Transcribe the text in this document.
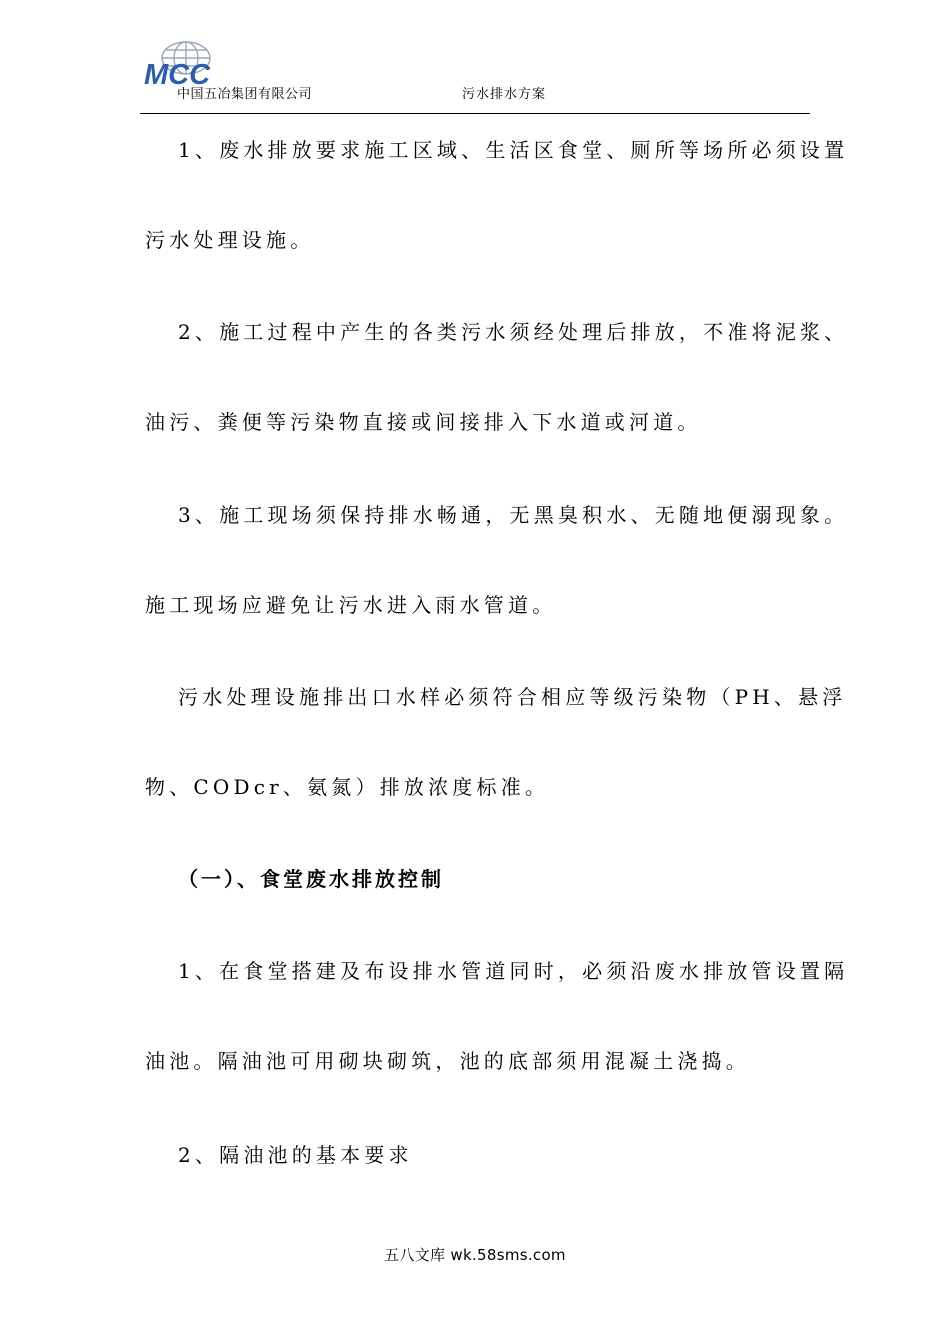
MCC
中国五冶集团有限公司	污水排水方案
1、废水排放要求施工区域、生活区食堂、厕所等场所必须设置
污水处理设施。
2、施工过程中产生的各类污水须经处理后排放，不准将泥浆、
油污、粪便等污染物直接或间接排入下水道或河道。
3、施工现场须保持排水畅通，无黑臭积水、无随地便溺现象。
施工现场应避免让污水进入雨水管道。
污水处理设施排出口水样必须符合相应等级污染物（PH、悬浮
物、CODcr、氨氮）排放浓度标准。
（一）、食堂废水排放控制
1、在食堂搭建及布设排水管道同时，必须沿废水排放管设置隔
油池。隔油池可用砌块砌筑，池的底部须用混凝土浇捣。
2、隔油池的基本要求
五八文库 wk.58sms.com
